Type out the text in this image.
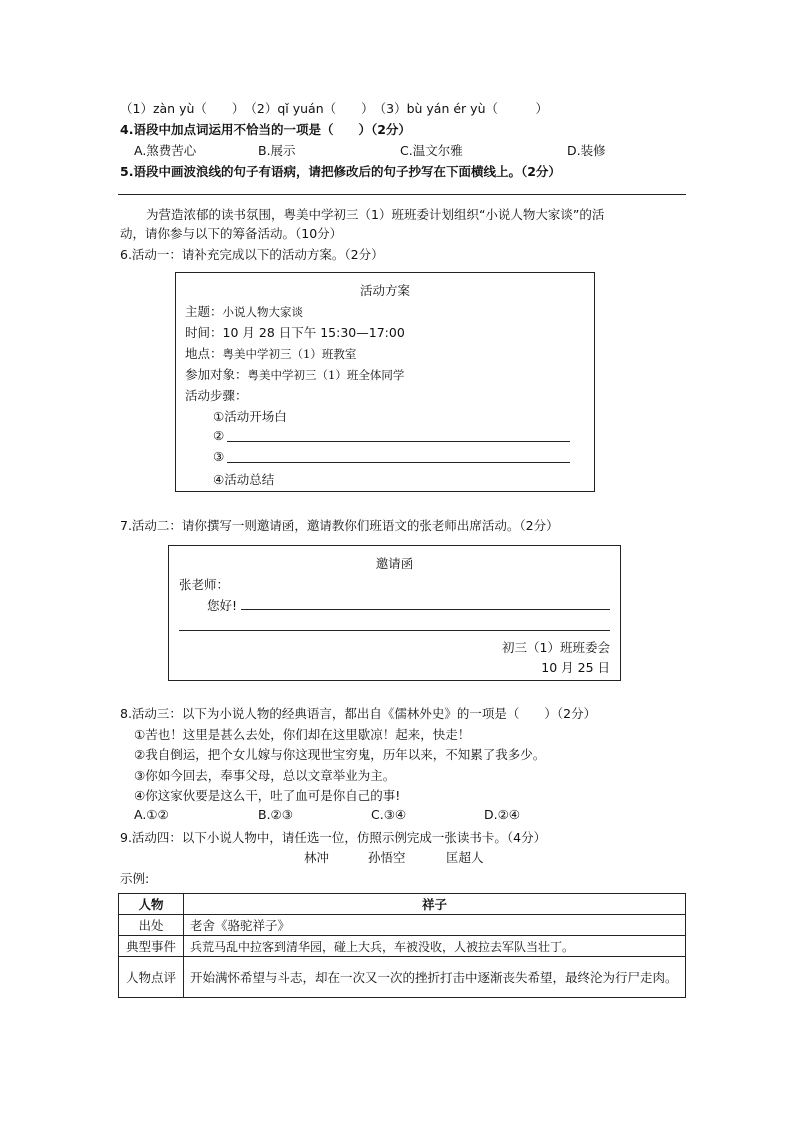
（1）zàn yù（　　）　（2）qǐ yuán（　　）　（3）bù yán ér yù（　　　）
4.语段中加点词运用不恰当的一项是（　　）（2分）
A.煞费苦心	B.展示	C.温文尔雅	D.装修
5.语段中画波浪线的句子有语病，请把修改后的句子抄写在下面横线上。（2分）
为营造浓郁的读书氛围，粤美中学初三（1）班班委计划组织“小说人物大家谈”的活
动，请你参与以下的筹备活动。（10分）
6.活动一：请补充完成以下的活动方案。（2分）
活动方案
主题：小说人物大家谈
时间：10 月 28 日下午 15:30—17:00
地点：粤美中学初三（1）班教室
参加对象：粤美中学初三（1）班全体同学
活动步骤：
①活动开场白
②
③
④活动总结
7.活动二：请你撰写一则邀请函，邀请教你们班语文的张老师出席活动。（2分）
邀请函
张老师：
您好!
初三（1）班班委会
10 月 25 日
8.活动三：以下为小说人物的经典语言，都出自《儒林外史》的一项是（　　）（2分）
①苦也！这里是甚么去处，你们却在这里歇凉！起来，快走！
②我自倒运，把个女儿嫁与你这现世宝穷鬼，历年以来，不知累了我多少。
③你如今回去，奉事父母，总以文章举业为主。
④你这家伙要是这么干，吐了血可是你自己的事!
A.①②	B.②③	C.③④	D.②④
9.活动四：以下小说人物中，请任选一位，仿照示例完成一张读书卡。（4分）
林冲	孙悟空	匡超人
示例:
人物	祥子
出处	老舍《骆驼祥子》
典型事件	兵荒马乱中拉客到清华园，碰上大兵，车被没收，人被拉去军队当壮丁。
人物点评	开始满怀希望与斗志，却在一次又一次的挫折打击中逐渐丧失希望，最终沦为行尸走肉。
